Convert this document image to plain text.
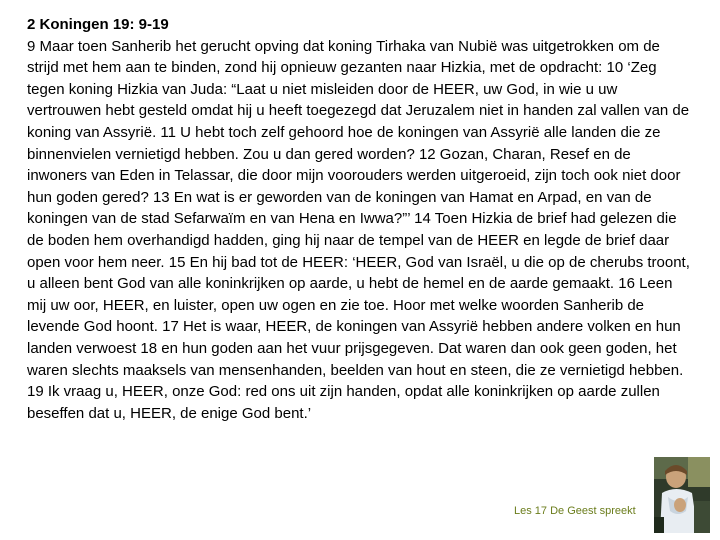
2 Koningen 19: 9-19

9 Maar toen Sanherib het gerucht opving dat koning Tirhaka van Nubië was uitgetrokken om de strijd met hem aan te binden, zond hij opnieuw gezanten naar Hizkia, met de opdracht: 10 ‘Zeg tegen koning Hizkia van Juda: “Laat u niet misleiden door de HEER, uw God, in wie u uw vertrouwen hebt gesteld omdat hij u heeft toegezegd dat Jeruzalem niet in handen zal vallen van de koning van Assyrië. 11 U hebt toch zelf gehoord hoe de koningen van Assyrië alle landen die ze binnenvielen vernietigd hebben. Zou u dan gered worden? 12 Gozan, Charan, Resef en de inwoners van Eden in Telassar, die door mijn voorouders werden uitgeroeid, zijn toch ook niet door hun goden gered? 13 En wat is er geworden van de koningen van Hamat en Arpad, en van de koningen van de stad Sefarwaïm en van Hena en Iwwa?”’ 14 Toen Hizkia de brief had gelezen die de boden hem overhandigd hadden, ging hij naar de tempel van de HEER en legde de brief daar open voor hem neer. 15 En hij bad tot de HEER: ‘HEER, God van Israël, u die op de cherubs troont, u alleen bent God van alle koninkrijken op aarde, u hebt de hemel en de aarde gemaakt. 16 Leen mij uw oor, HEER, en luister, open uw ogen en zie toe. Hoor met welke woorden Sanherib de levende God hoont. 17 Het is waar, HEER, de koningen van Assyrië hebben andere volken en hun landen verwoest 18 en hun goden aan het vuur prijsgegeven. Dat waren dan ook geen goden, het waren slechts maaksels van mensenhanden, beelden van hout en steen, die ze vernietigd hebben. 19 Ik vraag u, HEER, onze God: red ons uit zijn handen, opdat alle koninkrijken op aarde zullen beseffen dat u, HEER, de enige God bent.’

Les 17 De Geest spreekt
